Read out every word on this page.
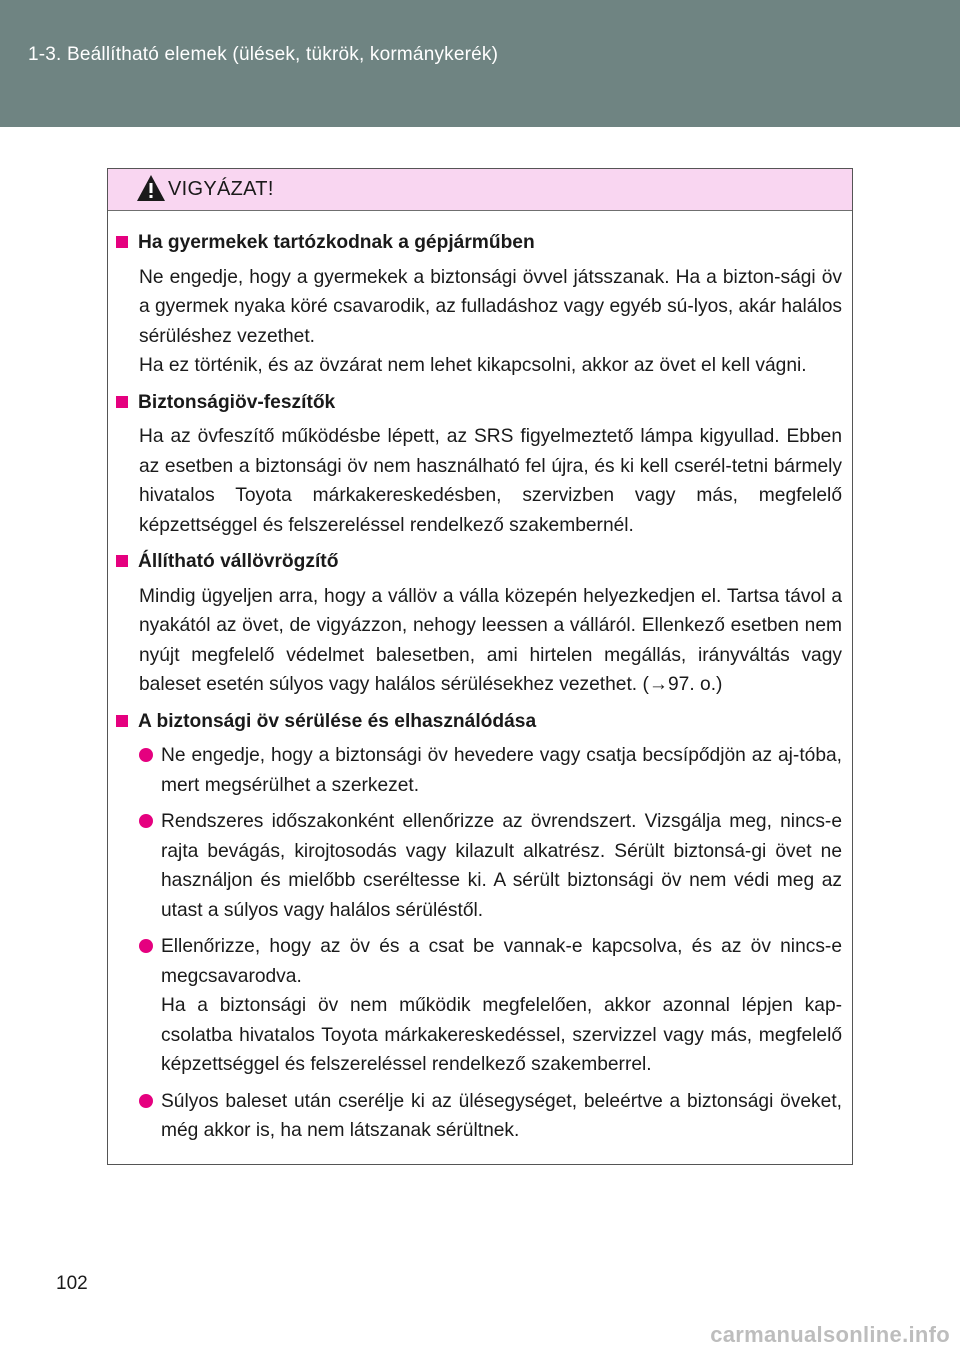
1-3. Beállítható elemek (ülések, tükrök, kormánykerék)
VIGYÁZAT!
Ha gyermekek tartózkodnak a gépjárműben
Ne engedje, hogy a gyermekek a biztonsági övvel játsszanak. Ha a bizton-sági öv a gyermek nyaka köré csavarodik, az fulladáshoz vagy egyéb sú-lyos, akár halálos sérüléshez vezethet.
Ha ez történik, és az övzárat nem lehet kikapcsolni, akkor az övet el kell vágni.
Biztonságiöv-feszítők
Ha az övfeszítő működésbe lépett, az SRS figyelmeztető lámpa kigyullad. Ebben az esetben a biztonsági öv nem használható fel újra, és ki kell cserél-tetni bármely hivatalos Toyota márkakereskedésben, szervizben vagy más, megfelelő képzettséggel és felszereléssel rendelkező szakembernél.
Állítható vállövrögzítő
Mindig ügyeljen arra, hogy a vállöv a válla közepén helyezkedjen el. Tartsa távol a nyakától az övet, de vigyázzon, nehogy leessen a válláról. Ellenkező esetben nem nyújt megfelelő védelmet balesetben, ami hirtelen megállás, irányváltás vagy baleset esetén súlyos vagy halálos sérülésekhez vezethet. (→97. o.)
A biztonsági öv sérülése és elhasználódása
Ne engedje, hogy a biztonsági öv hevedere vagy csatja becsípődjön az aj-tóba, mert megsérülhet a szerkezet.
Rendszeres időszakonként ellenőrizze az övrendszert. Vizsgálja meg, nincs-e rajta bevágás, kirojtosodás vagy kilazult alkatrész. Sérült biztonsá-gi övet ne használjon és mielőbb cseréltesse ki. A sérült biztonsági öv nem védi meg az utast a súlyos vagy halálos sérüléstől.
Ellenőrizze, hogy az öv és a csat be vannak-e kapcsolva, és az öv nincs-e megcsavarodva.
Ha a biztonsági öv nem működik megfelelően, akkor azonnal lépjen kap-csolatba hivatalos Toyota márkakereskedéssel, szervizzel vagy más, megfelelő képzettséggel és felszereléssel rendelkező szakemberrel.
Súlyos baleset után cserélje ki az ülésegységet, beleértve a biztonsági öveket, még akkor is, ha nem látszanak sérültnek.
102
carmanualsonline.info
